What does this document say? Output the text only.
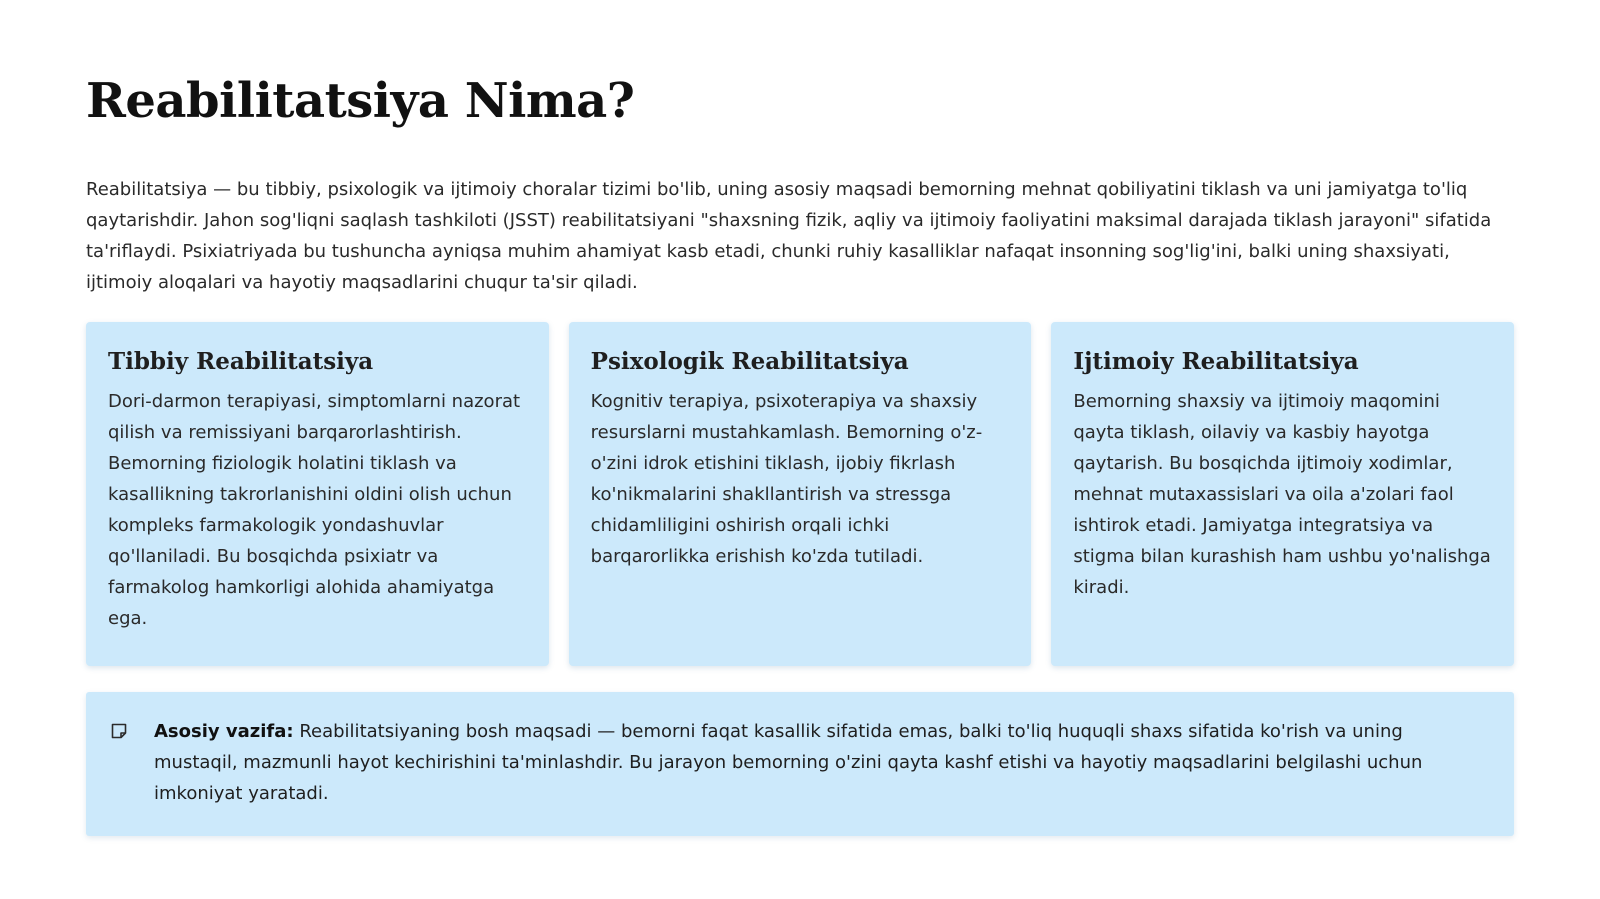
Reabilitatsiya Nima?

Reabilitatsiya — bu tibbiy, psixologik va ijtimoiy choralar tizimi bo'lib, uning asosiy maqsadi bemorning mehnat qobiliyatini tiklash va uni jamiyatga to'liq qaytarishdir. Jahon sog'liqni saqlash tashkiloti (JSST) reabilitatsiyani "shaxsning fizik, aqliy va ijtimoiy faoliyatini maksimal darajada tiklash jarayoni" sifatida ta'riflaydi. Psixiatriyada bu tushuncha ayniqsa muhim ahamiyat kasb etadi, chunki ruhiy kasalliklar nafaqat insonning sog'lig'ini, balki uning shaxsiyati, ijtimoiy aloqalari va hayotiy maqsadlarini chuqur ta'sir qiladi.

Tibbiy Reabilitatsiya

Dori-darmon terapiyasi, simptomlarni nazorat qilish va remissiyani barqarorlashtirish. Bemorning fiziologik holatini tiklash va kasallikning takrorlanishini oldini olish uchun kompleks farmakologik yondashuvlar qo'llaniladi. Bu bosqichda psixiatr va farmakolog hamkorligi alohida ahamiyatga ega.

Psixologik Reabilitatsiya

Kognitiv terapiya, psixoterapiya va shaxsiy resurslarni mustahkamlash. Bemorning o'z-o'zini idrok etishini tiklash, ijobiy fikrlash ko'nikmalarini shakllantirish va stressga chidamliligini oshirish orqali ichki barqarorlikka erishish ko'zda tutiladi.

Ijtimoiy Reabilitatsiya

Bemorning shaxsiy va ijtimoiy maqomini qayta tiklash, oilaviy va kasbiy hayotga qaytarish. Bu bosqichda ijtimoiy xodimlar, mehnat mutaxassislari va oila a'zolari faol ishtirok etadi. Jamiyatga integratsiya va stigma bilan kurashish ham ushbu yo'nalishga kiradi.

Asosiy vazifa: Reabilitatsiyaning bosh maqsadi — bemorni faqat kasallik sifatida emas, balki to'liq huquqli shaxs sifatida ko'rish va uning mustaqil, mazmunli hayot kechirishini ta'minlashdir. Bu jarayon bemorning o'zini qayta kashf etishi va hayotiy maqsadlarini belgilashi uchun imkoniyat yaratadi.
